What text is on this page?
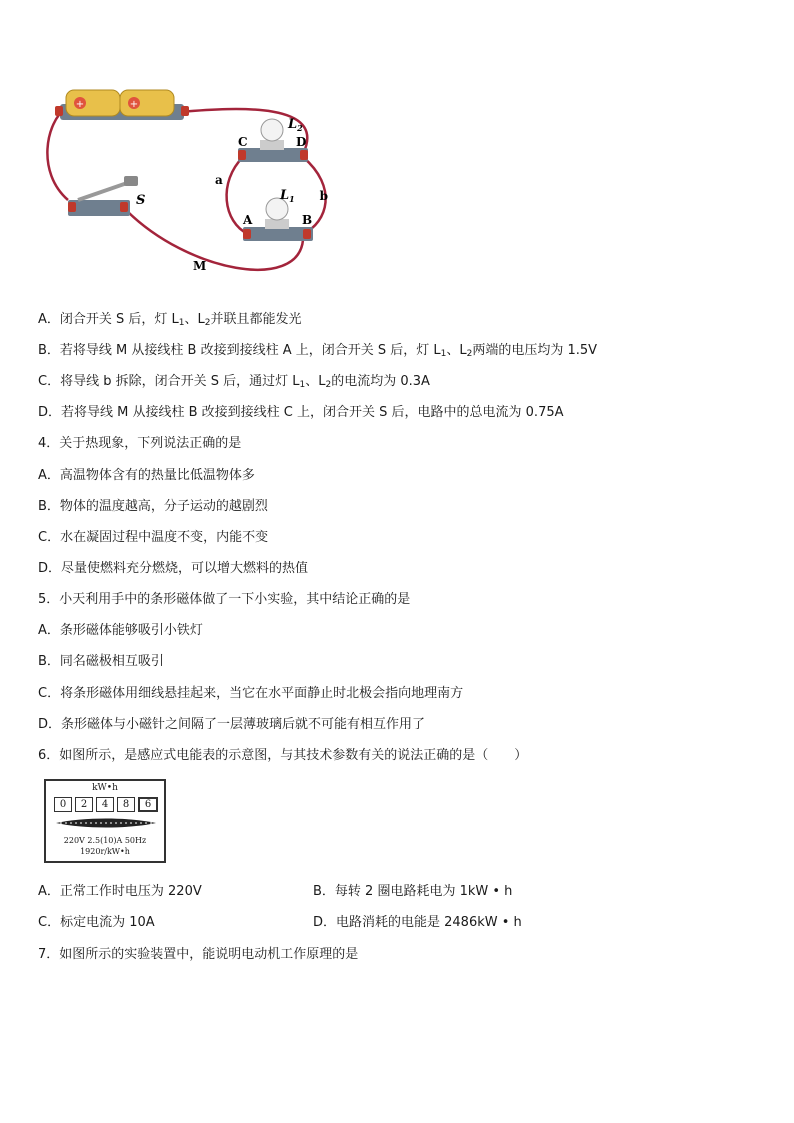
+	+
$L_2$
C	D
a
b
$L_1$
A	B
S
M
A．闭合开关 S 后，灯 $L_1$、$L_2$并联且都能发光
B．若将导线 M 从接线柱 B 改接到接线柱 A 上，闭合开关 S 后，灯 $L_1$、$L_2$两端的电压均为 1.5V
C．将导线 b 拆除，闭合开关 S 后，通过灯 $L_1$、$L_2$的电流均为 0.3A
D．若将导线 M 从接线柱 B 改接到接线柱 C 上，闭合开关 S 后，电路中的总电流为 0.75A
4．关于热现象，下列说法正确的是
A．高温物体含有的热量比低温物体多
B．物体的温度越高，分子运动的越剧烈
C．水在凝固过程中温度不变，内能不变
D．尽量使燃料充分燃烧，可以增大燃料的热值
5．小天利用手中的条形磁体做了一下小实验，其中结论正确的是
A．条形磁体能够吸引小铁灯
B．同名磁极相互吸引
C．将条形磁体用细线悬挂起来，当它在水平面静止时北极会指向地理南方
D．条形磁体与小磁针之间隔了一层薄玻璃后就不可能有相互作用了
6．如图所示，是感应式电能表的示意图，与其技术参数有关的说法正确的是（　　）
kW•h
0	2	4	8	6
220V 2.5(10)A 50Hz
1920r/kW•h
A．正常工作时电压为 220V	B．每转 2 圈电路耗电为 1kW • h
C．标定电流为 10A	D．电路消耗的电能是 2486kW • h
7．如图所示的实验装置中，能说明电动机工作原理的是
